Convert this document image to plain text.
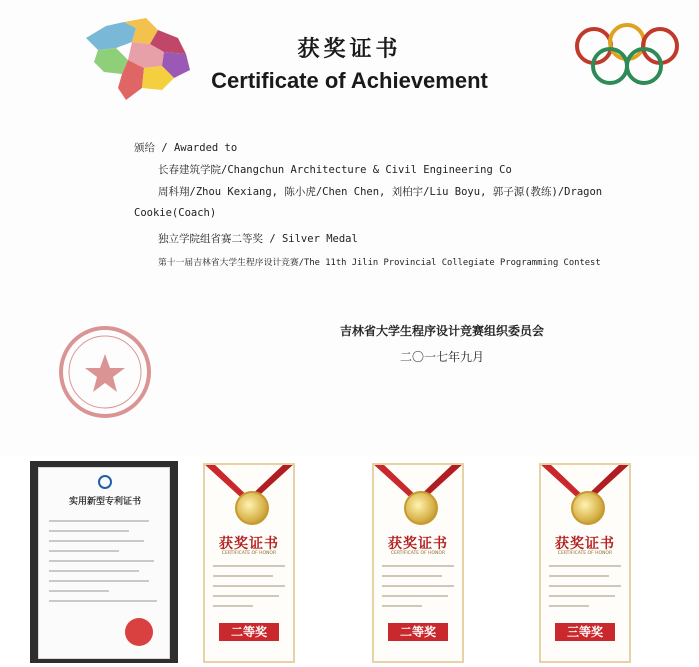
获奖证书
Certificate of Achievement
颁给 / Awarded to
长春建筑学院/Changchun Architecture & Civil Engineering Co
周科翔/Zhou Kexiang, 陈小虎/Chen Chen, 刘柏宇/Liu Boyu, 郭子源(教练)/Dragon
Cookie(Coach)
独立学院组省赛二等奖 / Silver Medal
第十一届吉林省大学生程序设计竞赛/The 11th Jilin Provincial Collegiate Programming Contest
吉林省大学生程序设计竞赛组织委员会
二〇一七年九月
实用新型专利证书
获奖证书
CERTIFICATE OF HONOR
二等奖
获奖证书
CERTIFICATE OF HONOR
二等奖
获奖证书
CERTIFICATE OF HONOR
三等奖
